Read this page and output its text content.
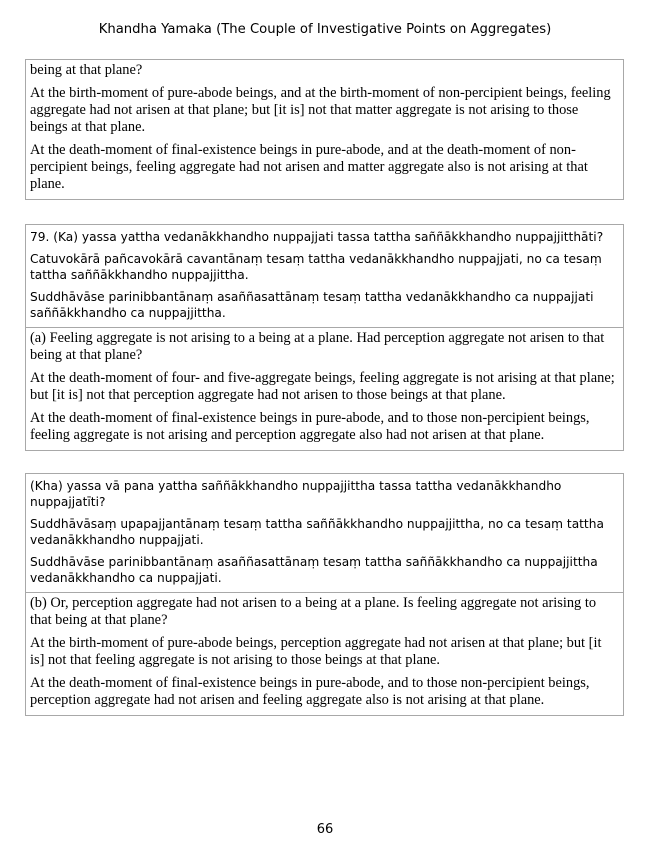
Khandha Yamaka (The Couple of Investigative Points on Aggregates)

being at that plane?

At the birth-moment of pure-abode beings, and at the birth-moment of non-percipient beings, feeling aggregate had not arisen at that plane; but [it is] not that matter aggregate is not arising to those beings at that plane.

At the death-moment of final-existence beings in pure-abode, and at the death-moment of non-percipient beings, feeling aggregate had not arisen and matter aggregate also is not arising at that plane.

79. (Ka) yassa yattha vedanākkhandho nuppajjati tassa tattha saññākkhandho nuppajjitthāti?

Catuvokārā pañcavokārā cavantānaṃ tesaṃ tattha vedanākkhandho nuppajjati, no ca tesaṃ tattha saññākkhandho nuppajjittha.

Suddhāvāse parinibbantānaṃ asaññasattānaṃ tesaṃ tattha vedanākkhandho ca nuppajjati saññākkhandho ca nuppajjittha.

(a) Feeling aggregate is not arising to a being at a plane. Had perception aggregate not arisen to that being at that plane?

At the death-moment of four- and five-aggregate beings, feeling aggregate is not arising at that plane; but [it is] not that perception aggregate had not arisen to those beings at that plane.

At the death-moment of final-existence beings in pure-abode, and to those non-percipient beings, feeling aggregate is not arising and perception aggregate also had not arisen at that plane.

(Kha) yassa vā pana yattha saññākkhandho nuppajjittha tassa tattha vedanākkhandho nuppajjatīti?

Suddhāvāsaṃ upapajjantānaṃ tesaṃ tattha saññākkhandho nuppajjittha, no ca tesaṃ tattha vedanākkhandho nuppajjati.

Suddhāvāse parinibbantānaṃ asaññasattānaṃ tesaṃ tattha saññākkhandho ca nuppajjittha vedanākkhandho ca nuppajjati.

(b) Or, perception aggregate had not arisen to a being at a plane. Is feeling aggregate not arising to that being at that plane?

At the birth-moment of pure-abode beings, perception aggregate had not arisen at that plane; but [it is] not that feeling aggregate is not arising to those beings at that plane.

At the death-moment of final-existence beings in pure-abode, and to those non-percipient beings, perception aggregate had not arisen and feeling aggregate also is not arising at that plane.

66
